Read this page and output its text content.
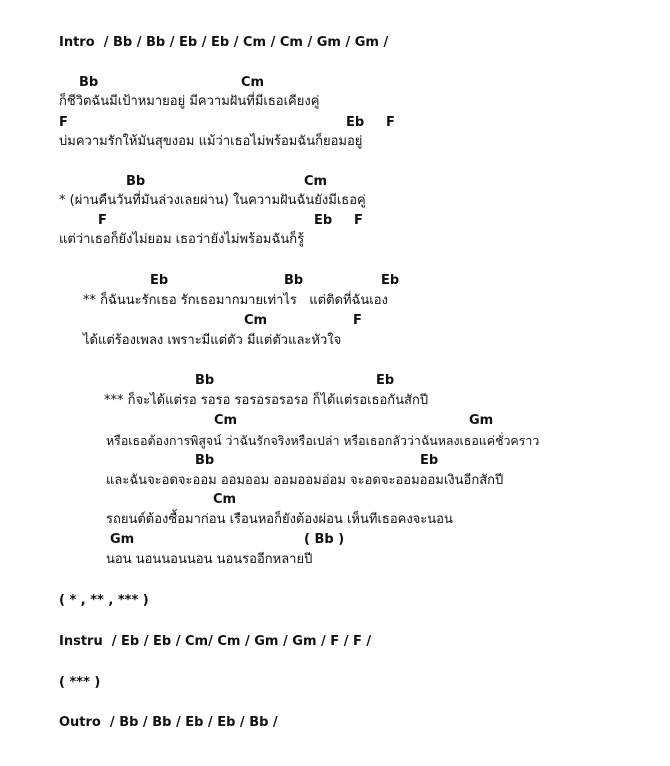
Intro  / Bb / Bb / Eb / Eb / Cm / Cm / Gm / Gm /
Bb	Cm
ก็ชีวิตฉันมีเป้าหมายอยู่ มีความฝันที่มีเธอเคียงคู่
F	Eb F
บ่มความรักให้มันสุขงอม แม้ว่าเธอไม่พร้อมฉันก็ยอมอยู่
Bb	Cm
* (ผ่านคืนวันที่มันล่วงเลยผ่าน) ในความฝันฉันยังมีเธอคู่
F	Eb F
แต่ว่าเธอก็ยังไม่ยอม เธอว่ายังไม่พร้อมฉันก็รู้
Eb	Bb	Eb
** ก็ฉันนะรักเธอ รักเธอมากมายเท่าไร   แต่ติดที่ฉันเอง
Cm	F
ได้แต่ร้องเพลง เพราะมีแต่ตัว มีแต่ตัวและหัวใจ
Bb	Eb
*** ก็จะได้แต่รอ รอรอ รอรอรอรอรอ ก็ได้แต่รอเธอกันสักปี
Cm	Gm
หรือเธอต้องการพิสูจน์ ว่าฉันรักจริงหรือเปล่า หรือเธอกลัวว่าฉันหลงเธอแค่ชั่วคราว
Bb	Eb
และฉันจะอดจะออม ออมออม ออมออมอ่อม จะอดจะออมออมเงินอีกสักปี
Cm
รถยนต์ต้องซื้อมาก่อน เรือนหอก็ยังต้องผ่อน เห็นทีเธอคงจะนอน
Gm	( Bb )
นอน นอนนอนนอน นอนรออีกหลายปี
( * , ** , *** )
Instru  / Eb / Eb / Cm/ Cm / Gm / Gm / F / F /
( *** )
Outro  / Bb / Bb / Eb / Eb / Bb /
